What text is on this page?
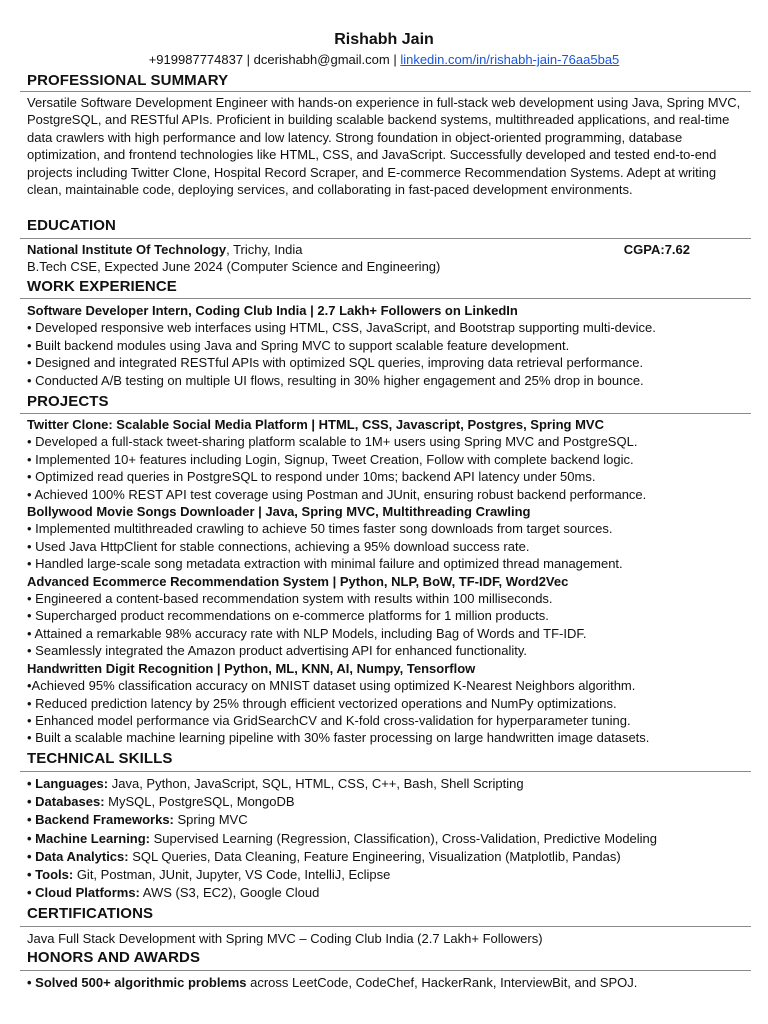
Rishabh Jain
+919987774837 | dcerishabh@gmail.com | linkedin.com/in/rishabh-jain-76aa5ba5
PROFESSIONAL SUMMARY

Versatile Software Development Engineer with hands-on experience in full-stack web development using Java, Spring MVC, PostgreSQL, and RESTful APIs. Proficient in building scalable backend systems, multithreaded applications, and real-time data crawlers with high performance and low latency. Strong foundation in object-oriented programming, database optimization, and frontend technologies like HTML, CSS, and JavaScript. Successfully developed and tested end-to-end projects including Twitter Clone, Hospital Record Scraper, and E-commerce Recommendation Systems. Adept at writing clean, maintainable code, deploying services, and collaborating in fast-paced development environments.

EDUCATION
National Institute Of Technology, Trichy, India	CGPA:7.62
B.Tech CSE, Expected June 2024 (Computer Science and Engineering)
WORK EXPERIENCE
Software Developer Intern, Coding Club India | 2.7 Lakh+ Followers on LinkedIn
• Developed responsive web interfaces using HTML, CSS, JavaScript, and Bootstrap supporting multi-device.
• Built backend modules using Java and Spring MVC to support scalable feature development.
• Designed and integrated RESTful APIs with optimized SQL queries, improving data retrieval performance.
• Conducted A/B testing on multiple UI flows, resulting in 30% higher engagement and 25% drop in bounce.
PROJECTS
Twitter Clone: Scalable Social Media Platform | HTML, CSS, Javascript, Postgres, Spring MVC
• Developed a full-stack tweet-sharing platform scalable to 1M+ users using Spring MVC and PostgreSQL.
• Implemented 10+ features including Login, Signup, Tweet Creation, Follow with complete backend logic.
• Optimized read queries in PostgreSQL to respond under 10ms; backend API latency under 50ms.
• Achieved 100% REST API test coverage using Postman and JUnit, ensuring robust backend performance.
Bollywood Movie Songs Downloader | Java, Spring MVC, Multithreading Crawling
• Implemented multithreaded crawling to achieve 50 times faster song downloads from target sources.
• Used Java HttpClient for stable connections, achieving a 95% download success rate.
• Handled large-scale song metadata extraction with minimal failure and optimized thread management.
Advanced Ecommerce Recommendation System | Python, NLP, BoW, TF-IDF, Word2Vec
• Engineered a content-based recommendation system with results within 100 milliseconds.
• Supercharged product recommendations on e-commerce platforms for 1 million products.
• Attained a remarkable 98% accuracy rate with NLP Models, including Bag of Words and TF-IDF.
• Seamlessly integrated the Amazon product advertising API for enhanced functionality.
Handwritten Digit Recognition | Python, ML, KNN, AI, Numpy, Tensorflow
•Achieved 95% classification accuracy on MNIST dataset using optimized K-Nearest Neighbors algorithm.
• Reduced prediction latency by 25% through efficient vectorized operations and NumPy optimizations.
• Enhanced model performance via GridSearchCV and K-fold cross-validation for hyperparameter tuning.
• Built a scalable machine learning pipeline with 30% faster processing on large handwritten image datasets.
TECHNICAL SKILLS
• Languages: Java, Python, JavaScript, SQL, HTML, CSS, C++, Bash, Shell Scripting
• Databases: MySQL, PostgreSQL, MongoDB
• Backend Frameworks: Spring MVC
• Machine Learning: Supervised Learning (Regression, Classification), Cross-Validation, Predictive Modeling
• Data Analytics: SQL Queries, Data Cleaning, Feature Engineering, Visualization (Matplotlib, Pandas)
• Tools: Git, Postman, JUnit, Jupyter, VS Code, IntelliJ, Eclipse
• Cloud Platforms: AWS (S3, EC2), Google Cloud
CERTIFICATIONS
Java Full Stack Development with Spring MVC – Coding Club India (2.7 Lakh+ Followers)
HONORS AND AWARDS
• Solved 500+ algorithmic problems across LeetCode, CodeChef, HackerRank, InterviewBit, and SPOJ.
